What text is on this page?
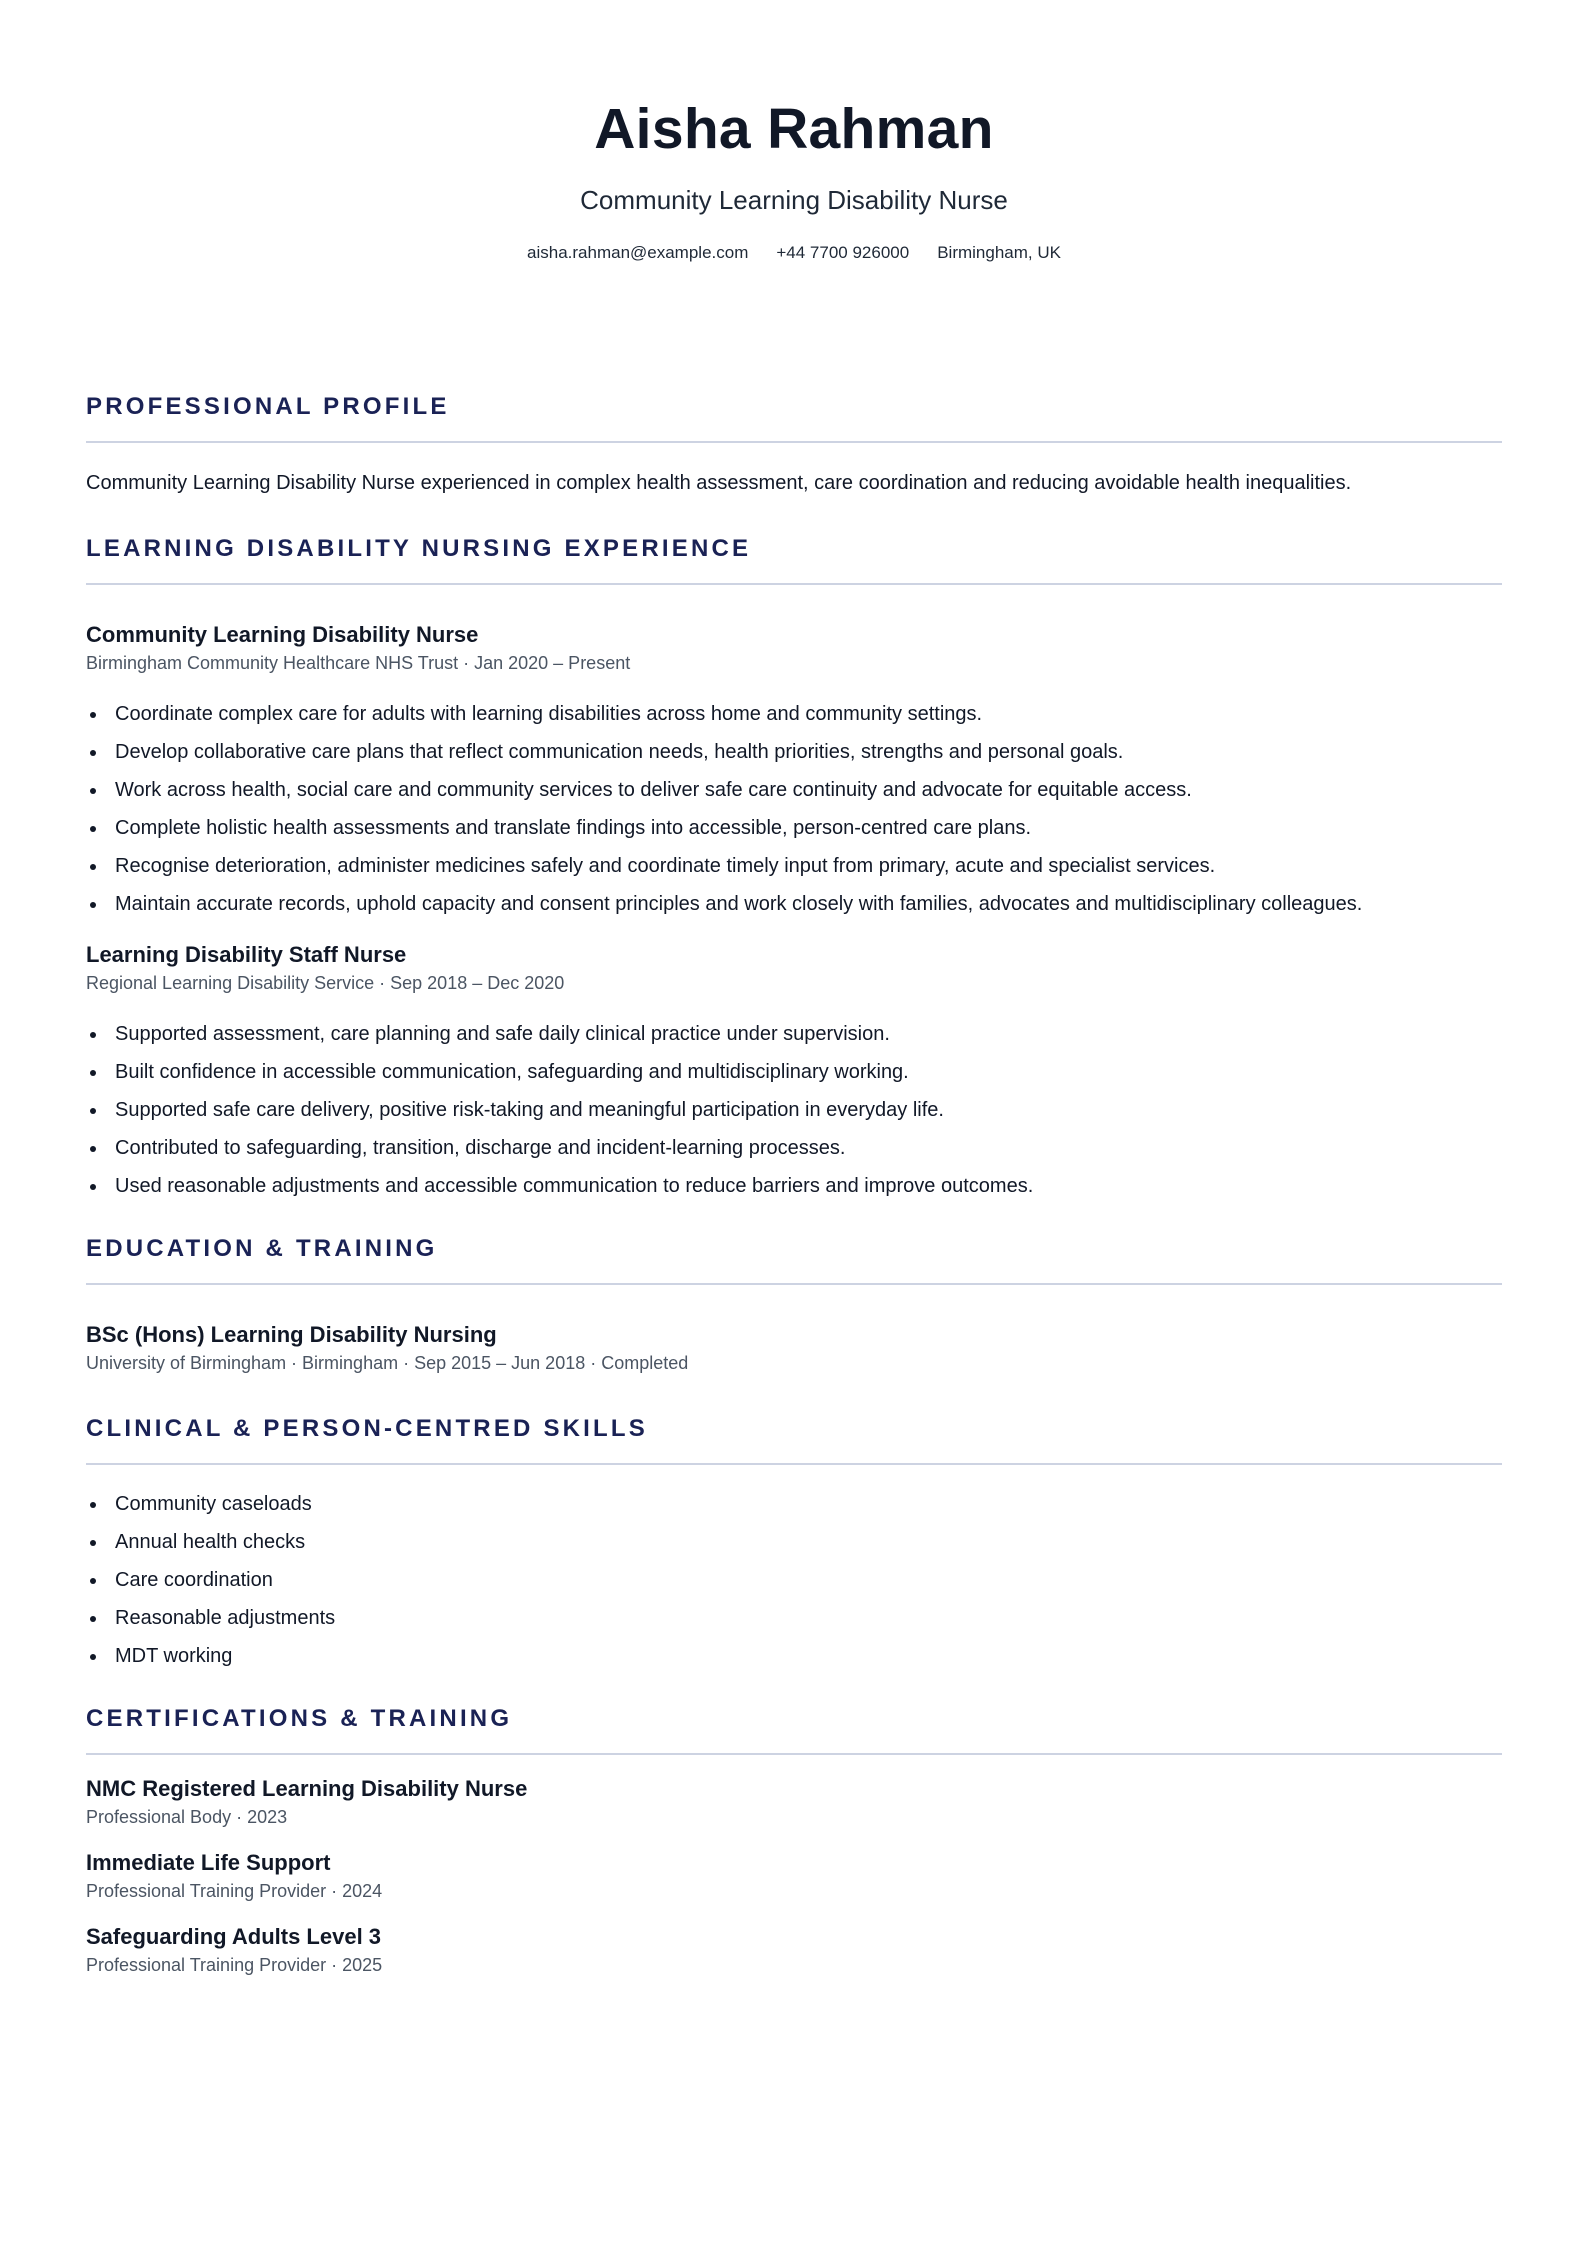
Aisha Rahman
Community Learning Disability Nurse
aisha.rahman@example.com +44 7700 926000 Birmingham, UK
PROFESSIONAL PROFILE

Community Learning Disability Nurse experienced in complex health assessment, care coordination and reducing avoidable health inequalities.

LEARNING DISABILITY NURSING EXPERIENCE
Community Learning Disability Nurse
Birmingham Community Healthcare NHS Trust · Jan 2020 – Present
Coordinate complex care for adults with learning disabilities across home and community settings.
Develop collaborative care plans that reflect communication needs, health priorities, strengths and personal goals.
Work across health, social care and community services to deliver safe care continuity and advocate for equitable access.
Complete holistic health assessments and translate findings into accessible, person-centred care plans.
Recognise deterioration, administer medicines safely and coordinate timely input from primary, acute and specialist services.
Maintain accurate records, uphold capacity and consent principles and work closely with families, advocates and multidisciplinary colleagues.
Learning Disability Staff Nurse
Regional Learning Disability Service · Sep 2018 – Dec 2020
Supported assessment, care planning and safe daily clinical practice under supervision.
Built confidence in accessible communication, safeguarding and multidisciplinary working.
Supported safe care delivery, positive risk-taking and meaningful participation in everyday life.
Contributed to safeguarding, transition, discharge and incident-learning processes.
Used reasonable adjustments and accessible communication to reduce barriers and improve outcomes.
EDUCATION & TRAINING
BSc (Hons) Learning Disability Nursing
University of Birmingham · Birmingham · Sep 2015 – Jun 2018 · Completed
CLINICAL & PERSON-CENTRED SKILLS
Community caseloads
Annual health checks
Care coordination
Reasonable adjustments
MDT working
CERTIFICATIONS & TRAINING
NMC Registered Learning Disability Nurse
Professional Body · 2023
Immediate Life Support
Professional Training Provider · 2024
Safeguarding Adults Level 3
Professional Training Provider · 2025
